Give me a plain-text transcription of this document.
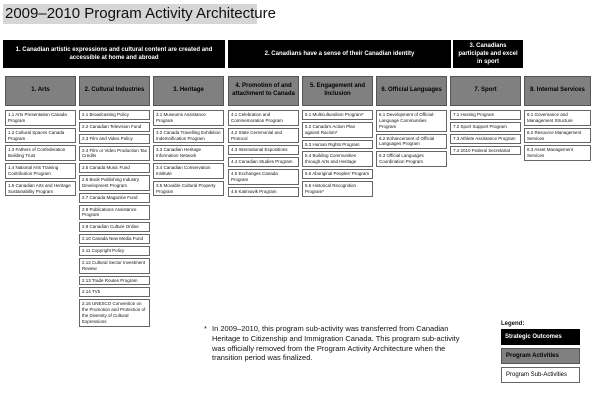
2009–2010 Program Activity Architecture
1. Canadian artistic expressions and cultural content are created and accessible at home and abroad
2. Canadians have a sense of their Canadian identity
3. Canadians participate and excel in sport
1. Arts	2. Cultural Industries	3. Heritage
4. Promotion of and attachment to Canada
5. Engagement and Inclusion
6. Official Languages	7. Sport	8. Internal Services
1.1 Arts Presentation Canada Program
1.2 Cultural Spaces Canada Program
1.3 Fathers of Confederation Building Trust
1.4 National Arts Training Contribution Program
1.5 Canadian Arts and Heritage Sustainability Program
2.1 Broadcasting Policy
2.2 Canadian Television Fund
2.3 Film and Video Policy
2.4 Film or Video Production Tax Credits
2.5 Canada Music Fund
2.6 Book Publishing Industry Development Program
2.7 Canada Magazine Fund
2.8 Publications Assistance Program
2.9 Canadian Culture Online
2.10 Canada New Media Fund
2.11 Copyright Policy
2.12 Cultural Sector Investment Review
2.13 Trade Routes Program
2.14 TV5
2.15 UNESCO Convention on the Promotion and Protection of the Diversity of Cultural Expressions
3.1 Museums Assistance Program
3.2 Canada Travelling Exhibition Indemnification Program
3.3 Canadian Heritage Information Network
3.4 Canadian Conservation Institute
3.5 Movable Cultural Property Program
4.1 Celebration and Commemoration Program
4.2 State Ceremonial and Protocol
4.3 International Expositions
4.4 Canadian Studies Program
4.5 Exchanges Canada Program
4.6 Katimavik Program
5.1 Multiculturalism Program*
5.2 Canada's Action Plan against Racism*
5.3 Human Rights Program
5.4 Building Communities through Arts and Heritage
5.5 Aboriginal Peoples' Program
5.6 Historical Recognition Program*
6.1 Development of Official-Language Communities Program
6.2 Enhancement of Official Languages Program
6.3 Official Languages Coordination Program
7.1 Hosting Program
7.2 Sport Support Program
7.3 Athlete Assistance Program
7.4 2010 Federal Secretariat
8.1 Governance and Management Structure
8.2 Resource Management Services
8.3 Asset Management Services
* In 2009–2010, this program sub-activity was transferred from Canadian Heritage to Citizenship and Immigration Canada. This program sub-activity was officially removed from the Program Activity Architecture when the transition period was finalized.
Legend:
Strategic Outcomes
Program Activities
Program Sub-Activities
